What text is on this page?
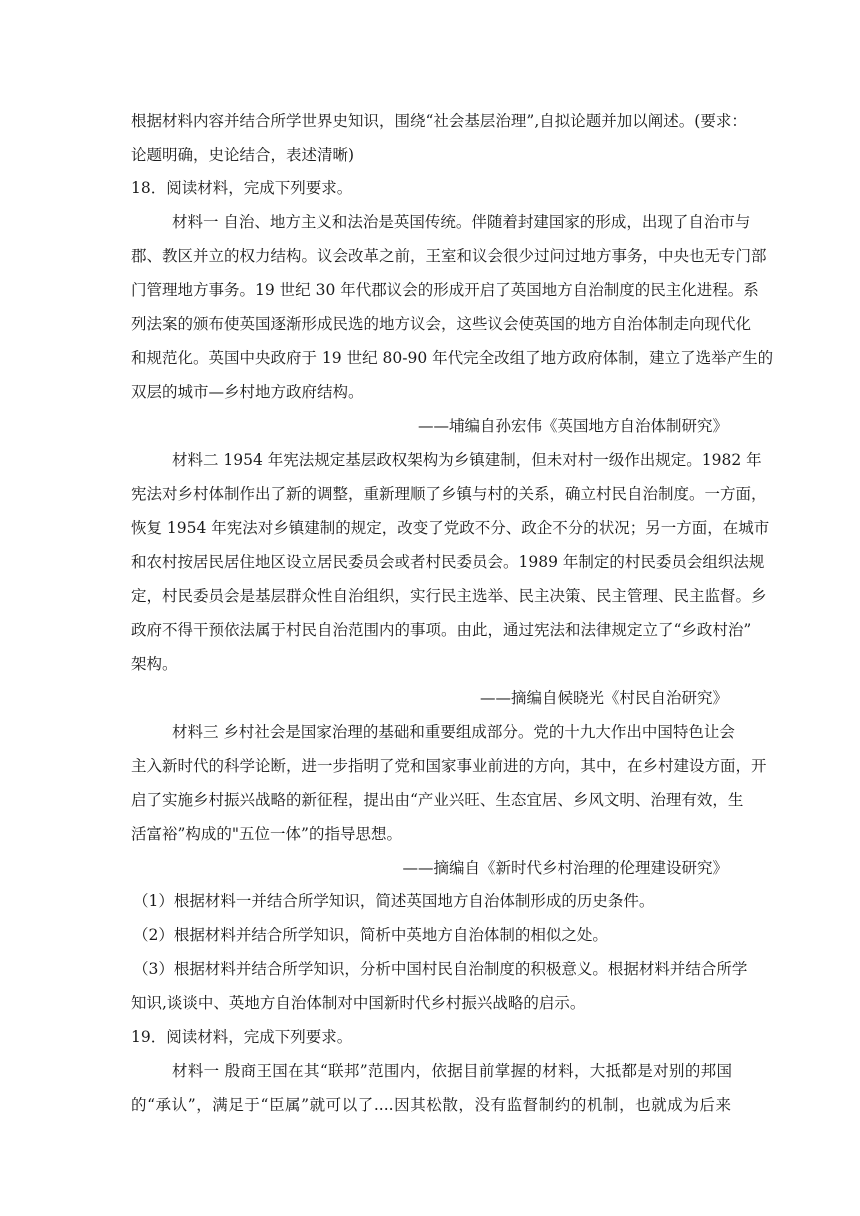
根据材料内容并结合所学世界史知识，围绕“社会基层治理”,自拟论题并加以阐述。(要求：
论题明确，史论结合，表述清晰)
18．阅读材料，完成下列要求。
材料一 自治、地方主义和法治是英国传统。伴随着封建国家的形成，出现了自治市与
郡、教区并立的权力结构。议会改革之前，王室和议会很少过问过地方事务，中央也无专门部
门管理地方事务。19 世纪 30 年代郡议会的形成开启了英国地方自治制度的民主化进程。系
列法案的颁布使英国逐渐形成民选的地方议会，这些议会使英国的地方自治体制走向现代化
和规范化。英国中央政府于 19 世纪 80-90 年代完全改组了地方政府体制，建立了选举产生的
双层的城市—乡村地方政府结构。
——埔编自孙宏伟《英国地方自治体制研究》
材料二 1954 年宪法规定基层政权架构为乡镇建制，但未对村一级作出规定。1982 年
宪法对乡村体制作出了新的调整，重新理顺了乡镇与村的关系，确立村民自治制度。一方面，
恢复 1954 年宪法对乡镇建制的规定，改变了党政不分、政企不分的状况；另一方面，在城市
和农村按居民居住地区设立居民委员会或者村民委员会。1989 年制定的村民委员会组织法规
定，村民委员会是基层群众性自治组织，实行民主选举、民主决策、民主管理、民主监督。乡
政府不得干预依法属于村民自治范围内的事项。由此，通过宪法和法律规定立了“乡政村治”
架构。
——摘编自候晓光《村民自治研究》
材料三 乡村社会是国家治理的基础和重要组成部分。党的十九大作出中国特色让会
主入新时代的科学论断，进一步指明了党和国家事业前进的方向，其中，在乡村建设方面，开
启了实施乡村振兴战略的新征程，提出由“产业兴旺、生态宜居、乡风文明、治理有效，生
活富裕”构成的"五位一体”的指导思想。
——摘编自《新时代乡村治理的伦理建设研究》
（1）根据材料一并结合所学知识，简述英国地方自治体制形成的历史条件。
（2）根据材料并结合所学知识，简析中英地方自治体制的相似之处。
（3）根据材料并结合所学知识，分析中国村民自治制度的积极意义。根据材料并结合所学
知识,谈谈中、英地方自治体制对中国新时代乡村振兴战略的启示。
19．阅读材料，完成下列要求。
材料一 殷商王国在其“联邦”范围内，依据目前掌握的材料，大抵都是对别的邦国
的“承认”，满足于“臣属”就可以了....因其松散，没有监督制约的机制，也就成为后来
